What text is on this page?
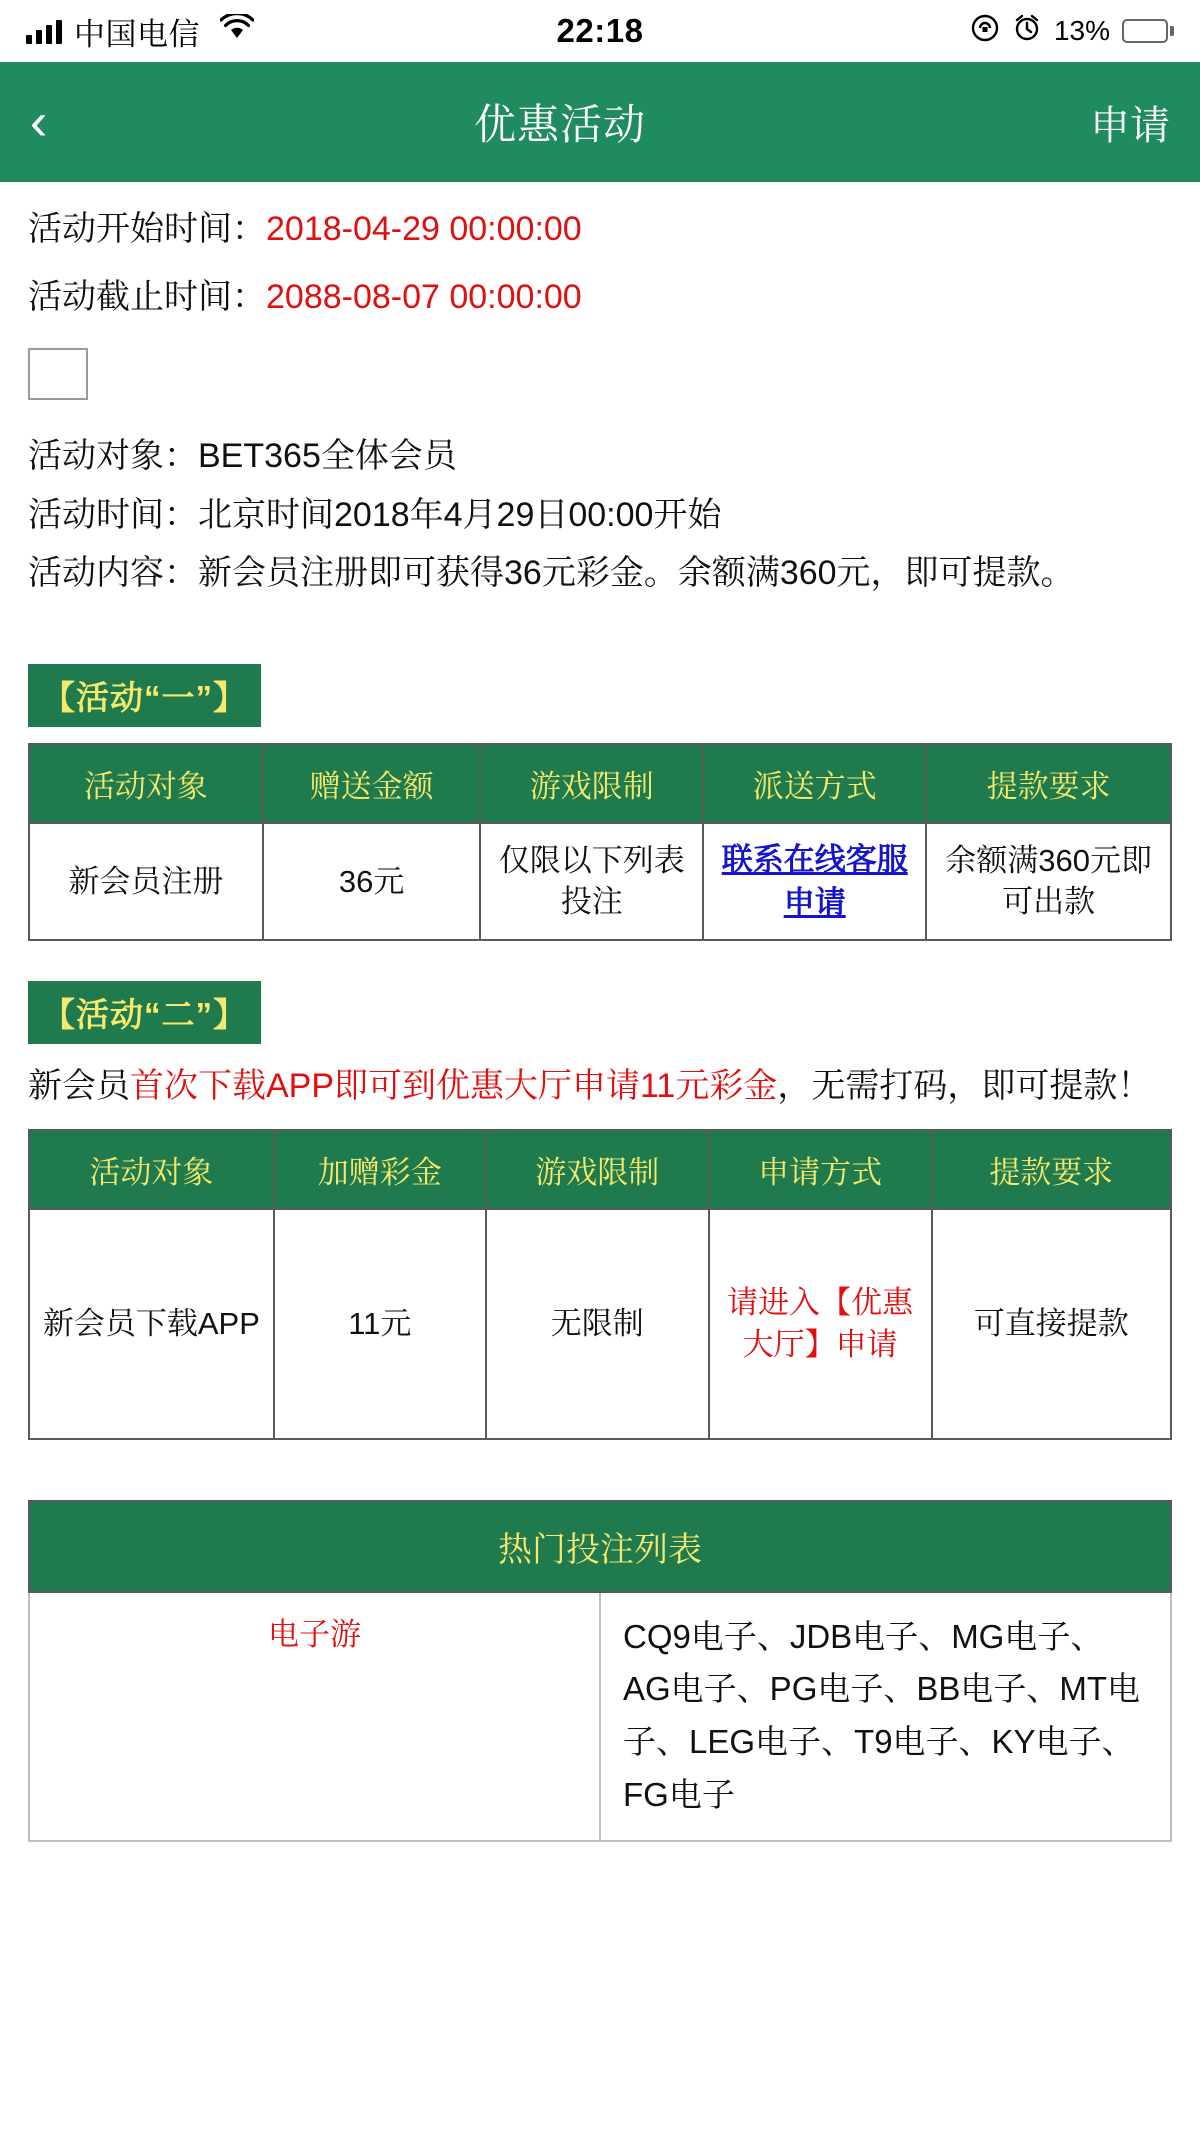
中国电信	22:18	13%
‹	优惠活动	申请

活动开始时间：2018-04-29 00:00:00

活动截止时间：2088-08-07 00:00:00

活动对象：BET365全体会员

活动时间：北京时间2018年4月29日00:00开始

活动内容：新会员注册即可获得36元彩金。余额满360元，即可提款。

【活动“一”】
活动对象	赠送金额	游戏限制	派送方式	提款要求
新会员注册	36元	仅限以下列表投注	联系在线客服申请	余额满360元即可出款
【活动“二”】

新会员首次下载APP即可到优惠大厅申请11元彩金，无需打码，即可提款！

活动对象	加赠彩金	游戏限制	申请方式	提款要求
新会员下载APP	11元	无限制	请进入【优惠大厅】申请	可直接提款
热门投注列表
电子游	CQ9电子、JDB电子、MG电子、AG电子、PG电子、BB电子、MT电子、LEG电子、T9电子、KY电子、FG电子
